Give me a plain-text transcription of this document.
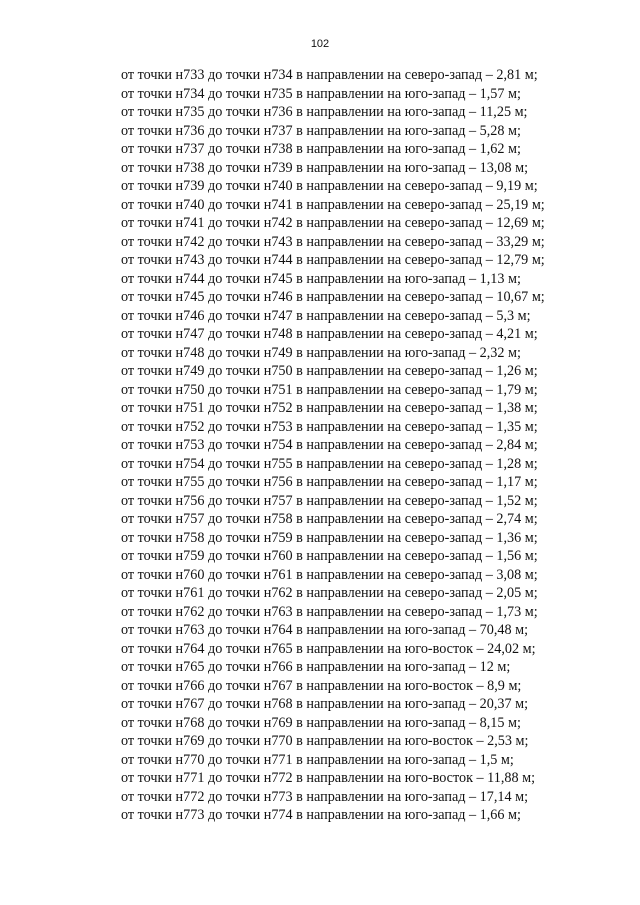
102
от точки н733 до точки н734 в направлении на северо-запад – 2,81 м;
от точки н734 до точки н735 в направлении на юго-запад – 1,57 м;
от точки н735 до точки н736 в направлении на юго-запад – 11,25 м;
от точки н736 до точки н737 в направлении на юго-запад – 5,28 м;
от точки н737 до точки н738 в направлении на юго-запад – 1,62 м;
от точки н738 до точки н739 в направлении на юго-запад – 13,08 м;
от точки н739 до точки н740 в направлении на северо-запад – 9,19 м;
от точки н740 до точки н741 в направлении на северо-запад – 25,19 м;
от точки н741 до точки н742 в направлении на северо-запад – 12,69 м;
от точки н742 до точки н743 в направлении на северо-запад – 33,29 м;
от точки н743 до точки н744 в направлении на северо-запад – 12,79 м;
от точки н744 до точки н745 в направлении на юго-запад – 1,13 м;
от точки н745 до точки н746 в направлении на северо-запад – 10,67 м;
от точки н746 до точки н747 в направлении на северо-запад – 5,3 м;
от точки н747 до точки н748 в направлении на северо-запад – 4,21 м;
от точки н748 до точки н749 в направлении на юго-запад – 2,32 м;
от точки н749 до точки н750 в направлении на северо-запад – 1,26 м;
от точки н750 до точки н751 в направлении на северо-запад – 1,79 м;
от точки н751 до точки н752 в направлении на северо-запад – 1,38 м;
от точки н752 до точки н753 в направлении на северо-запад – 1,35 м;
от точки н753 до точки н754 в направлении на северо-запад – 2,84 м;
от точки н754 до точки н755 в направлении на северо-запад – 1,28 м;
от точки н755 до точки н756 в направлении на северо-запад – 1,17 м;
от точки н756 до точки н757 в направлении на северо-запад – 1,52 м;
от точки н757 до точки н758 в направлении на северо-запад – 2,74 м;
от точки н758 до точки н759 в направлении на северо-запад – 1,36 м;
от точки н759 до точки н760 в направлении на северо-запад – 1,56 м;
от точки н760 до точки н761 в направлении на северо-запад – 3,08 м;
от точки н761 до точки н762 в направлении на северо-запад – 2,05 м;
от точки н762 до точки н763 в направлении на северо-запад – 1,73 м;
от точки н763 до точки н764 в направлении на юго-запад – 70,48 м;
от точки н764 до точки н765 в направлении на юго-восток – 24,02 м;
от точки н765 до точки н766 в направлении на юго-запад – 12 м;
от точки н766 до точки н767 в направлении на юго-восток – 8,9 м;
от точки н767 до точки н768 в направлении на юго-запад – 20,37 м;
от точки н768 до точки н769 в направлении на юго-запад – 8,15 м;
от точки н769 до точки н770 в направлении на юго-восток – 2,53 м;
от точки н770 до точки н771 в направлении на юго-запад – 1,5 м;
от точки н771 до точки н772 в направлении на юго-восток – 11,88 м;
от точки н772 до точки н773 в направлении на юго-запад – 17,14 м;
от точки н773 до точки н774 в направлении на юго-запад – 1,66 м;
